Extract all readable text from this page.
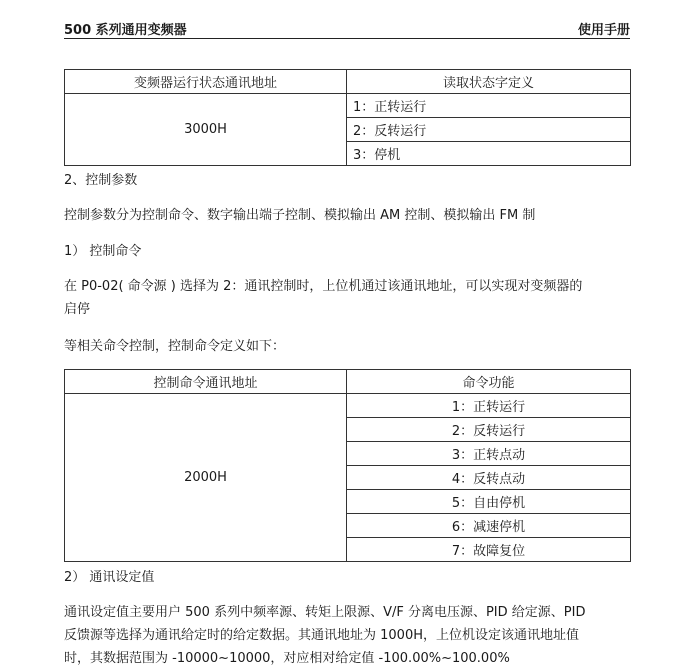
500 系列通用变频器	使用手册
变频器运行状态通讯地址	读取状态字定义
3000H	1：正转运行
	2：反转运行
	3：停机
2、控制参数
控制参数分为控制命令、数字输出端子控制、模拟输出 AM 控制、模拟输出 FM 制
1） 控制命令
在 P0-02( 命令源 ) 选择为 2：通讯控制时，上位机通过该通讯地址，可以实现对变频器的
启停
等相关命令控制，控制命令定义如下：
控制命令通讯地址	命令功能
2000H	1：正转运行
	2：反转运行
	3：正转点动
	4：反转点动
	5：自由停机
	6：减速停机
	7：故障复位
2） 通讯设定值
通讯设定值主要用户 500 系列中频率源、转矩上限源、V/F 分离电压源、PID 给定源、PID
反馈源等选择为通讯给定时的给定数据。其通讯地址为 1000H，上位机设定该通讯地址值
时，其数据范围为 -10000~10000，对应相对给定值 -100.00%~100.00%
